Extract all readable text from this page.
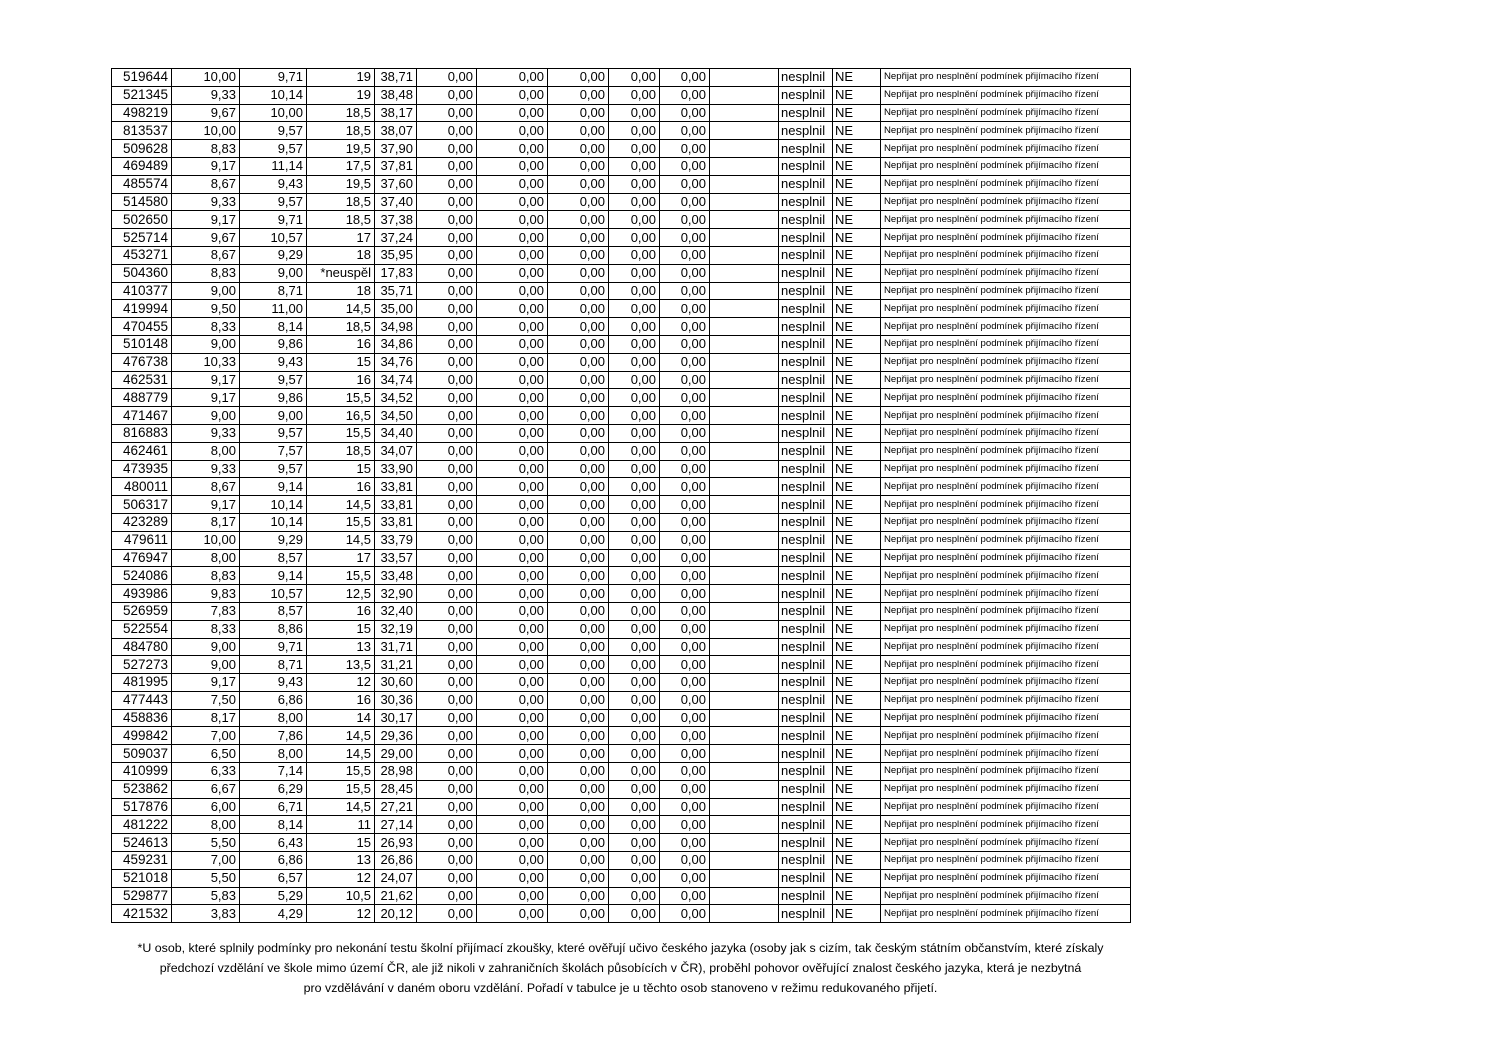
519644	10,00	9,71	19	38,71	0,00	0,00	0,00	0,00	0,00		nesplnil	NE	Nepřijat pro nesplnění podmínek přijímacího řízení
521345	9,33	10,14	19	38,48	0,00	0,00	0,00	0,00	0,00		nesplnil	NE	Nepřijat pro nesplnění podmínek přijímacího řízení
498219	9,67	10,00	18,5	38,17	0,00	0,00	0,00	0,00	0,00		nesplnil	NE	Nepřijat pro nesplnění podmínek přijímacího řízení
813537	10,00	9,57	18,5	38,07	0,00	0,00	0,00	0,00	0,00		nesplnil	NE	Nepřijat pro nesplnění podmínek přijímacího řízení
509628	8,83	9,57	19,5	37,90	0,00	0,00	0,00	0,00	0,00		nesplnil	NE	Nepřijat pro nesplnění podmínek přijímacího řízení
469489	9,17	11,14	17,5	37,81	0,00	0,00	0,00	0,00	0,00		nesplnil	NE	Nepřijat pro nesplnění podmínek přijímacího řízení
485574	8,67	9,43	19,5	37,60	0,00	0,00	0,00	0,00	0,00		nesplnil	NE	Nepřijat pro nesplnění podmínek přijímacího řízení
514580	9,33	9,57	18,5	37,40	0,00	0,00	0,00	0,00	0,00		nesplnil	NE	Nepřijat pro nesplnění podmínek přijímacího řízení
502650	9,17	9,71	18,5	37,38	0,00	0,00	0,00	0,00	0,00		nesplnil	NE	Nepřijat pro nesplnění podmínek přijímacího řízení
525714	9,67	10,57	17	37,24	0,00	0,00	0,00	0,00	0,00		nesplnil	NE	Nepřijat pro nesplnění podmínek přijímacího řízení
453271	8,67	9,29	18	35,95	0,00	0,00	0,00	0,00	0,00		nesplnil	NE	Nepřijat pro nesplnění podmínek přijímacího řízení
504360	8,83	9,00	*neuspěl	17,83	0,00	0,00	0,00	0,00	0,00		nesplnil	NE	Nepřijat pro nesplnění podmínek přijímacího řízení
410377	9,00	8,71	18	35,71	0,00	0,00	0,00	0,00	0,00		nesplnil	NE	Nepřijat pro nesplnění podmínek přijímacího řízení
419994	9,50	11,00	14,5	35,00	0,00	0,00	0,00	0,00	0,00		nesplnil	NE	Nepřijat pro nesplnění podmínek přijímacího řízení
470455	8,33	8,14	18,5	34,98	0,00	0,00	0,00	0,00	0,00		nesplnil	NE	Nepřijat pro nesplnění podmínek přijímacího řízení
510148	9,00	9,86	16	34,86	0,00	0,00	0,00	0,00	0,00		nesplnil	NE	Nepřijat pro nesplnění podmínek přijímacího řízení
476738	10,33	9,43	15	34,76	0,00	0,00	0,00	0,00	0,00		nesplnil	NE	Nepřijat pro nesplnění podmínek přijímacího řízení
462531	9,17	9,57	16	34,74	0,00	0,00	0,00	0,00	0,00		nesplnil	NE	Nepřijat pro nesplnění podmínek přijímacího řízení
488779	9,17	9,86	15,5	34,52	0,00	0,00	0,00	0,00	0,00		nesplnil	NE	Nepřijat pro nesplnění podmínek přijímacího řízení
471467	9,00	9,00	16,5	34,50	0,00	0,00	0,00	0,00	0,00		nesplnil	NE	Nepřijat pro nesplnění podmínek přijímacího řízení
816883	9,33	9,57	15,5	34,40	0,00	0,00	0,00	0,00	0,00		nesplnil	NE	Nepřijat pro nesplnění podmínek přijímacího řízení
462461	8,00	7,57	18,5	34,07	0,00	0,00	0,00	0,00	0,00		nesplnil	NE	Nepřijat pro nesplnění podmínek přijímacího řízení
473935	9,33	9,57	15	33,90	0,00	0,00	0,00	0,00	0,00		nesplnil	NE	Nepřijat pro nesplnění podmínek přijímacího řízení
480011	8,67	9,14	16	33,81	0,00	0,00	0,00	0,00	0,00		nesplnil	NE	Nepřijat pro nesplnění podmínek přijímacího řízení
506317	9,17	10,14	14,5	33,81	0,00	0,00	0,00	0,00	0,00		nesplnil	NE	Nepřijat pro nesplnění podmínek přijímacího řízení
423289	8,17	10,14	15,5	33,81	0,00	0,00	0,00	0,00	0,00		nesplnil	NE	Nepřijat pro nesplnění podmínek přijímacího řízení
479611	10,00	9,29	14,5	33,79	0,00	0,00	0,00	0,00	0,00		nesplnil	NE	Nepřijat pro nesplnění podmínek přijímacího řízení
476947	8,00	8,57	17	33,57	0,00	0,00	0,00	0,00	0,00		nesplnil	NE	Nepřijat pro nesplnění podmínek přijímacího řízení
524086	8,83	9,14	15,5	33,48	0,00	0,00	0,00	0,00	0,00		nesplnil	NE	Nepřijat pro nesplnění podmínek přijímacího řízení
493986	9,83	10,57	12,5	32,90	0,00	0,00	0,00	0,00	0,00		nesplnil	NE	Nepřijat pro nesplnění podmínek přijímacího řízení
526959	7,83	8,57	16	32,40	0,00	0,00	0,00	0,00	0,00		nesplnil	NE	Nepřijat pro nesplnění podmínek přijímacího řízení
522554	8,33	8,86	15	32,19	0,00	0,00	0,00	0,00	0,00		nesplnil	NE	Nepřijat pro nesplnění podmínek přijímacího řízení
484780	9,00	9,71	13	31,71	0,00	0,00	0,00	0,00	0,00		nesplnil	NE	Nepřijat pro nesplnění podmínek přijímacího řízení
527273	9,00	8,71	13,5	31,21	0,00	0,00	0,00	0,00	0,00		nesplnil	NE	Nepřijat pro nesplnění podmínek přijímacího řízení
481995	9,17	9,43	12	30,60	0,00	0,00	0,00	0,00	0,00		nesplnil	NE	Nepřijat pro nesplnění podmínek přijímacího řízení
477443	7,50	6,86	16	30,36	0,00	0,00	0,00	0,00	0,00		nesplnil	NE	Nepřijat pro nesplnění podmínek přijímacího řízení
458836	8,17	8,00	14	30,17	0,00	0,00	0,00	0,00	0,00		nesplnil	NE	Nepřijat pro nesplnění podmínek přijímacího řízení
499842	7,00	7,86	14,5	29,36	0,00	0,00	0,00	0,00	0,00		nesplnil	NE	Nepřijat pro nesplnění podmínek přijímacího řízení
509037	6,50	8,00	14,5	29,00	0,00	0,00	0,00	0,00	0,00		nesplnil	NE	Nepřijat pro nesplnění podmínek přijímacího řízení
410999	6,33	7,14	15,5	28,98	0,00	0,00	0,00	0,00	0,00		nesplnil	NE	Nepřijat pro nesplnění podmínek přijímacího řízení
523862	6,67	6,29	15,5	28,45	0,00	0,00	0,00	0,00	0,00		nesplnil	NE	Nepřijat pro nesplnění podmínek přijímacího řízení
517876	6,00	6,71	14,5	27,21	0,00	0,00	0,00	0,00	0,00		nesplnil	NE	Nepřijat pro nesplnění podmínek přijímacího řízení
481222	8,00	8,14	11	27,14	0,00	0,00	0,00	0,00	0,00		nesplnil	NE	Nepřijat pro nesplnění podmínek přijímacího řízení
524613	5,50	6,43	15	26,93	0,00	0,00	0,00	0,00	0,00		nesplnil	NE	Nepřijat pro nesplnění podmínek přijímacího řízení
459231	7,00	6,86	13	26,86	0,00	0,00	0,00	0,00	0,00		nesplnil	NE	Nepřijat pro nesplnění podmínek přijímacího řízení
521018	5,50	6,57	12	24,07	0,00	0,00	0,00	0,00	0,00		nesplnil	NE	Nepřijat pro nesplnění podmínek přijímacího řízení
529877	5,83	5,29	10,5	21,62	0,00	0,00	0,00	0,00	0,00		nesplnil	NE	Nepřijat pro nesplnění podmínek přijímacího řízení
421532	3,83	4,29	12	20,12	0,00	0,00	0,00	0,00	0,00		nesplnil	NE	Nepřijat pro nesplnění podmínek přijímacího řízení

*U osob, které splnily podmínky pro nekonání testu školní přijímací zkoušky, které ověřují učivo českého jazyka (osoby jak s cizím, tak českým státním občanstvím, které získaly

předchozí vzdělání ve škole mimo území ČR, ale již nikoli v zahraničních školách působících v ČR), proběhl pohovor ověřující znalost českého jazyka, která je nezbytná

pro vzdělávání v daném oboru vzdělání. Pořadí v tabulce je u těchto osob stanoveno v režimu redukovaného přijetí.
